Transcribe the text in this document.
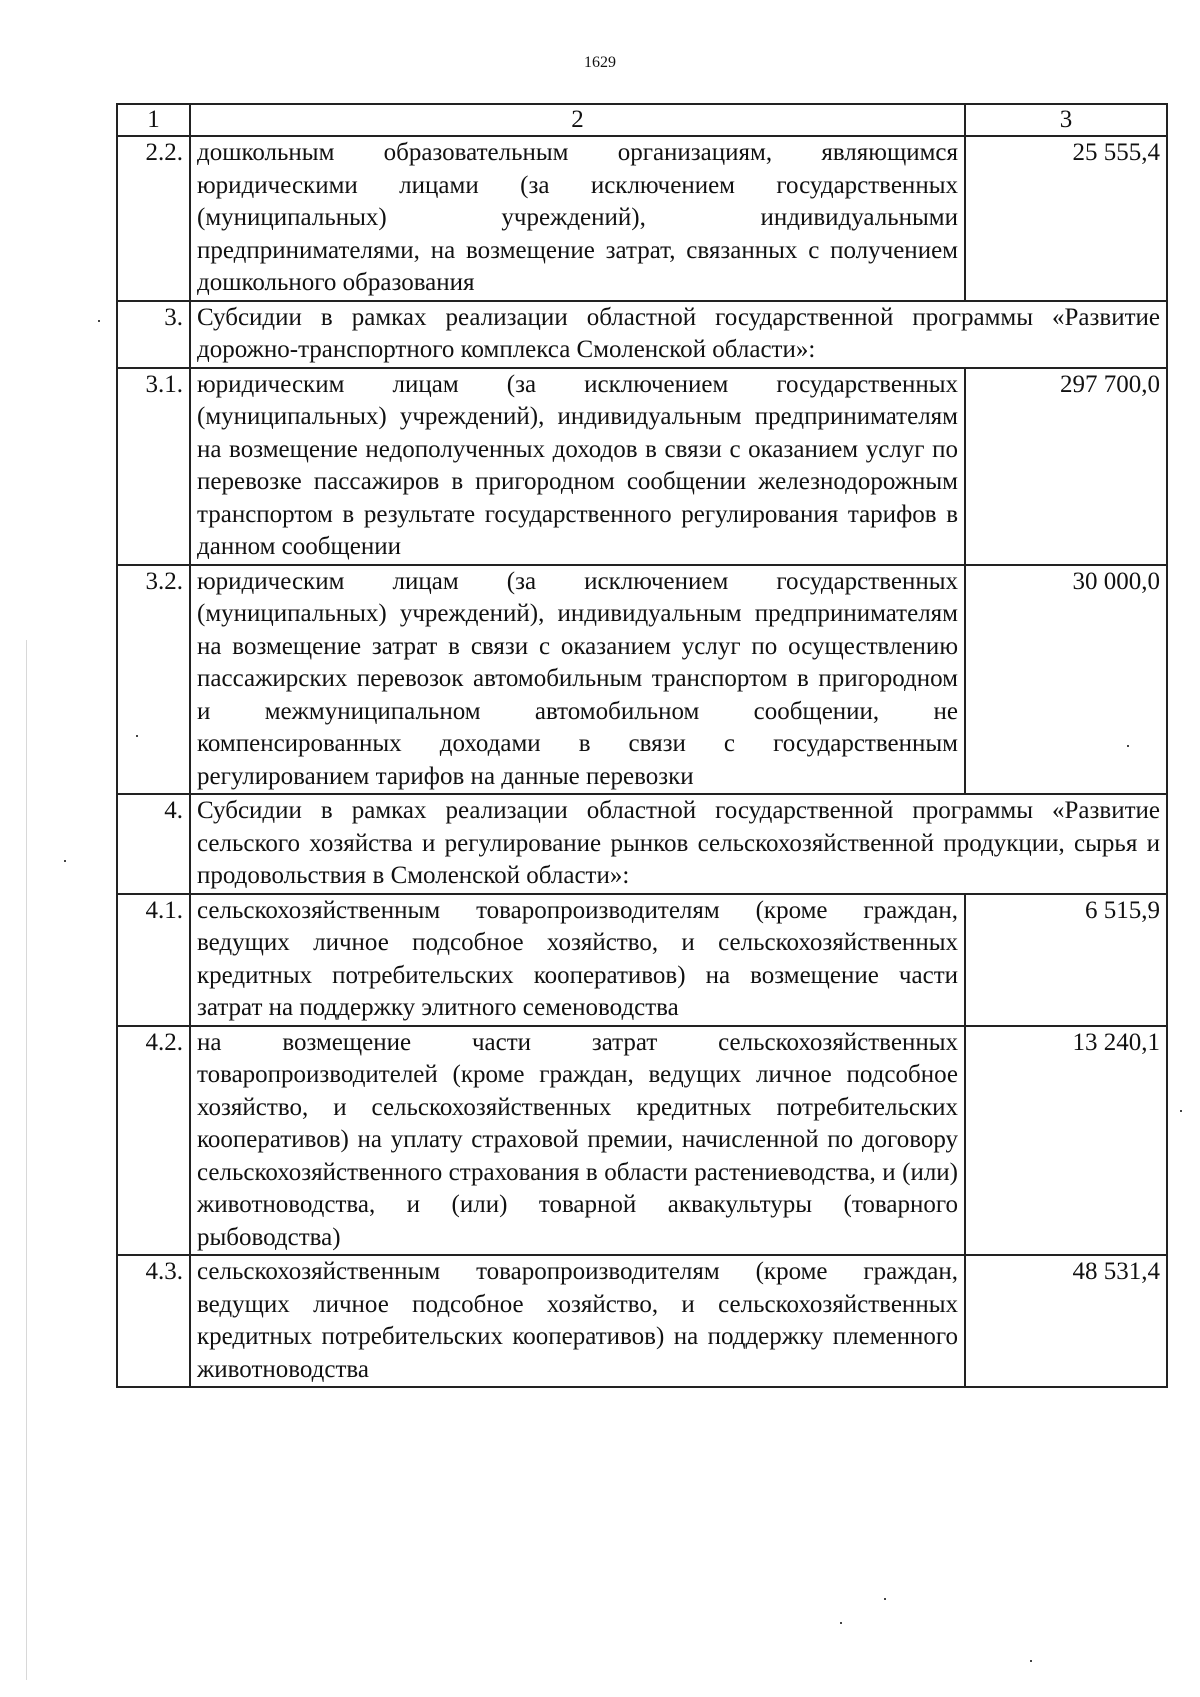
1629
1	2	3
2.2.	дошкольным образовательным организациям, являющимся юридическими лицами (за исключением государственных (муниципальных) учреждений), индивидуальными предпринимателями, на возмещение затрат, связанных с получением дошкольного образования	25 555,4
3.	Субсидии в рамках реализации областной государственной программы «Развитие дорожно-транспортного комплекса Смоленской области»:	
3.1.	юридическим лицам (за исключением государственных (муниципальных) учреждений), индивидуальным предпринимателям на возмещение недополученных доходов в связи с оказанием услуг по перевозке пассажиров в пригородном сообщении железнодорожным транспортом в результате государственного регулирования тарифов в данном сообщении	297 700,0
3.2.	юридическим лицам (за исключением государственных (муниципальных) учреждений), индивидуальным предпринимателям на возмещение затрат в связи с оказанием услуг по осуществлению пассажирских перевозок автомобильным транспортом в пригородном и межмуниципальном автомобильном сообщении, не компенсированных доходами в связи с государственным регулированием тарифов на данные перевозки	30 000,0
4.	Субсидии в рамках реализации областной государственной программы «Развитие сельского хозяйства и регулирование рынков сельскохозяйственной продукции, сырья и продовольствия в Смоленской области»:	
4.1.	сельскохозяйственным товаропроизводителям (кроме граждан, ведущих личное подсобное хозяйство, и сельскохозяйственных кредитных потребительских кооперативов) на возмещение части затрат на поддержку элитного семеноводства	6 515,9
4.2.	на возмещение части затрат сельскохозяйственных товаропроизводителей (кроме граждан, ведущих личное подсобное хозяйство, и сельскохозяйственных кредитных потребительских кооперативов) на уплату страховой премии, начисленной по договору сельскохозяйственного страхования в области растениеводства, и (или) животноводства, и (или) товарной аквакультуры (товарного рыбоводства)	13 240,1
4.3.	сельскохозяйственным товаропроизводителям (кроме граждан, ведущих личное подсобное хозяйство, и сельскохозяйственных кредитных потребительских кооперативов) на поддержку племенного животноводства	48 531,4
